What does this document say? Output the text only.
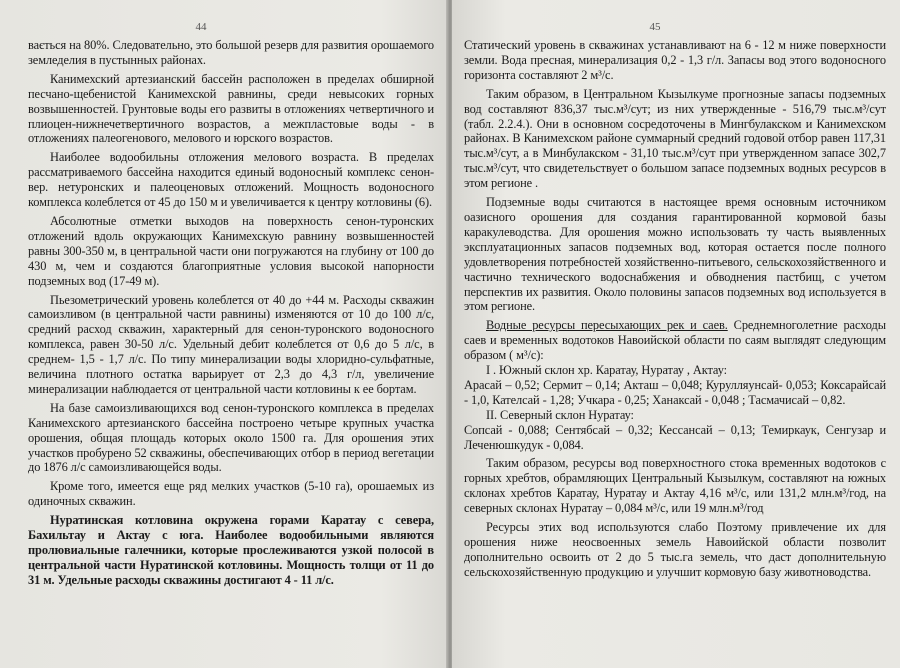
44

вається на 80%. Следовательно, это большой резерв для развития орошаемого земледелия в пустынных районах.

Канимехский артезианский бассейн расположен в пределах обширной песчано-щебенистой Канимехской равнины, среди невысоких горных возвышенностей. Грунтовые воды его развиты в отложениях четвертичного и плиоцен-нижнечетвертичного возрастов, а межпластовые воды - в отложениях палеогенового, мелового и юрского возрастов.

Наиболее водообильны отложения мелового возраста. В пределах рассматриваемого бассейна находится единый водоносный комплекс сенон-вер. нетуронских и палеоценовых отложений. Мощность водоносного комплекса колеблется от 45 до 150 м и увеличивается к центру котловины (6).

Абсолютные отметки выходов на поверхность сенон-туронских отложений вдоль окружающих Канимехскую равнину возвышенностей равны 300-350 м, в центральной части они погружаются на глубину от 100 до 430 м, чем и создаются благоприятные условия высокой напорности подземных вод (17-49 м).

Пьезометрический уровень колеблется от 40 до +44 м. Расходы скважин самоизливом (в центральной части равнины) изменяются от 10 до 100 л/с, средний расход скважин, характерный для сенон-туронского водоносного комплекса, равен 30-50 л/с. Удельный дебит колеблется от 0,6 до 5 л/с, в среднем- 1,5 - 1,7 л/с. По типу минерализации воды хлоридно-сульфатные, величина плотного остатка варьирует от 2,3 до 4,3 г/л, увеличение минерализации наблюдается от центральной части котловины к ее бортам.

На базе самоизливающихся вод сенон-туронского комплекса в пределах Канимехского артезианского бассейна построено четыре крупных участка орошения, общая площадь которых около 1500 га. Для орошения этих участков пробурено 52 скважины, обеспечивающих отбор в период вегетации до 1876 л/с самоизливающейся воды.

Кроме того, имеется еще ряд мелких участков (5-10 га), орошаемых из одиночных скважин.

Нуратинская котловина окружена горами Каратау с севера, Бахильтау и Актау с юга. Наиболее водообильными являются пролювиальные галечники, которые прослеживаются узкой полосой в центральной части Нуратинской котловины. Мощность толщи от 11 до 31 м. Удельные расходы скважины достигают 4 - 11 л/с.

45

Статический уровень в скважинах устанавливают на 6 - 12 м ниже поверхности земли. Вода пресная, минерализация 0,2 - 1,3 г/л. Запасы вод этого водоносного горизонта составляют 2 м³/с.

Таким образом, в Центральном Кызылкуме прогнозные запасы подземных вод составляют 836,37 тыс.м³/сут; из них утвержденные - 516,79 тыс.м³/сут (табл. 2.2.4.). Они в основном сосредоточены в Мингбулакском и Канимехском районах. В Канимехском районе суммарный средний годовой отбор равен 117,31 тыс.м³/сут, а в Минбулакском - 31,10 тыс.м³/сут при утвержденном запасе 302,7 тыс.м³/сут, что свидетельствует о большом запасе подземных водных ресурсов в этом регионе .

Подземные воды считаются в настоящее время основным источником оазисного орошения для создания гарантированной кормовой базы каракулеводства. Для орошения можно использовать ту часть выявленных эксплуатационных запасов подземных вод, которая остается после полного удовлетворения потребностей хозяйственно-питьевого, сельскохозяйственного и частично технического водоснабжения и обводнения пастбищ, с учетом перспектив их развития. Около половины запасов подземных вод используется в этом регионе.

Водные ресурсы пересыхающих рек и саев. Среднемноголетние расходы саев и временных водотоков Навоийской области по саям выглядят следующим образом ( м³/с):

I . Южный склон хр. Каратау, Нуратау , Актау:

Арасай – 0,52; Сермит – 0,14; Акташ – 0,048; Курулляунсай- 0,053; Коксарайсай - 1,0, Кателсай - 1,28; Учкара - 0,25; Ханаксай - 0,048 ; Тасмачисай – 0,82.

II. Северный склон Нуратау:

Сопсай - 0,088; Сентябсай – 0,32; Кессансай – 0,13; Темиркаук, Сенгузар и Леченюшкудук - 0,084.

Таким образом, ресурсы вод поверхностного стока временных водотоков с горных хребтов, обрамляющих Центральный Кызылкум, составляют на южных склонах хребтов Каратау, Нуратау и Актау 4,16 м³/с, или 131,2 млн.м³/год, на северных склонах Нуратау – 0,084 м³/с, или 19 млн.м³/год

Ресурсы этих вод используются слабо Поэтому привлечение их для орошения ниже неосвоенных земель Навоийской области позволит дополнительно освоить от 2 до 5 тыс.га земель, что даст дополнительную сельскохозяйственную продукцию и улучшит кормовую базу животноводства.
